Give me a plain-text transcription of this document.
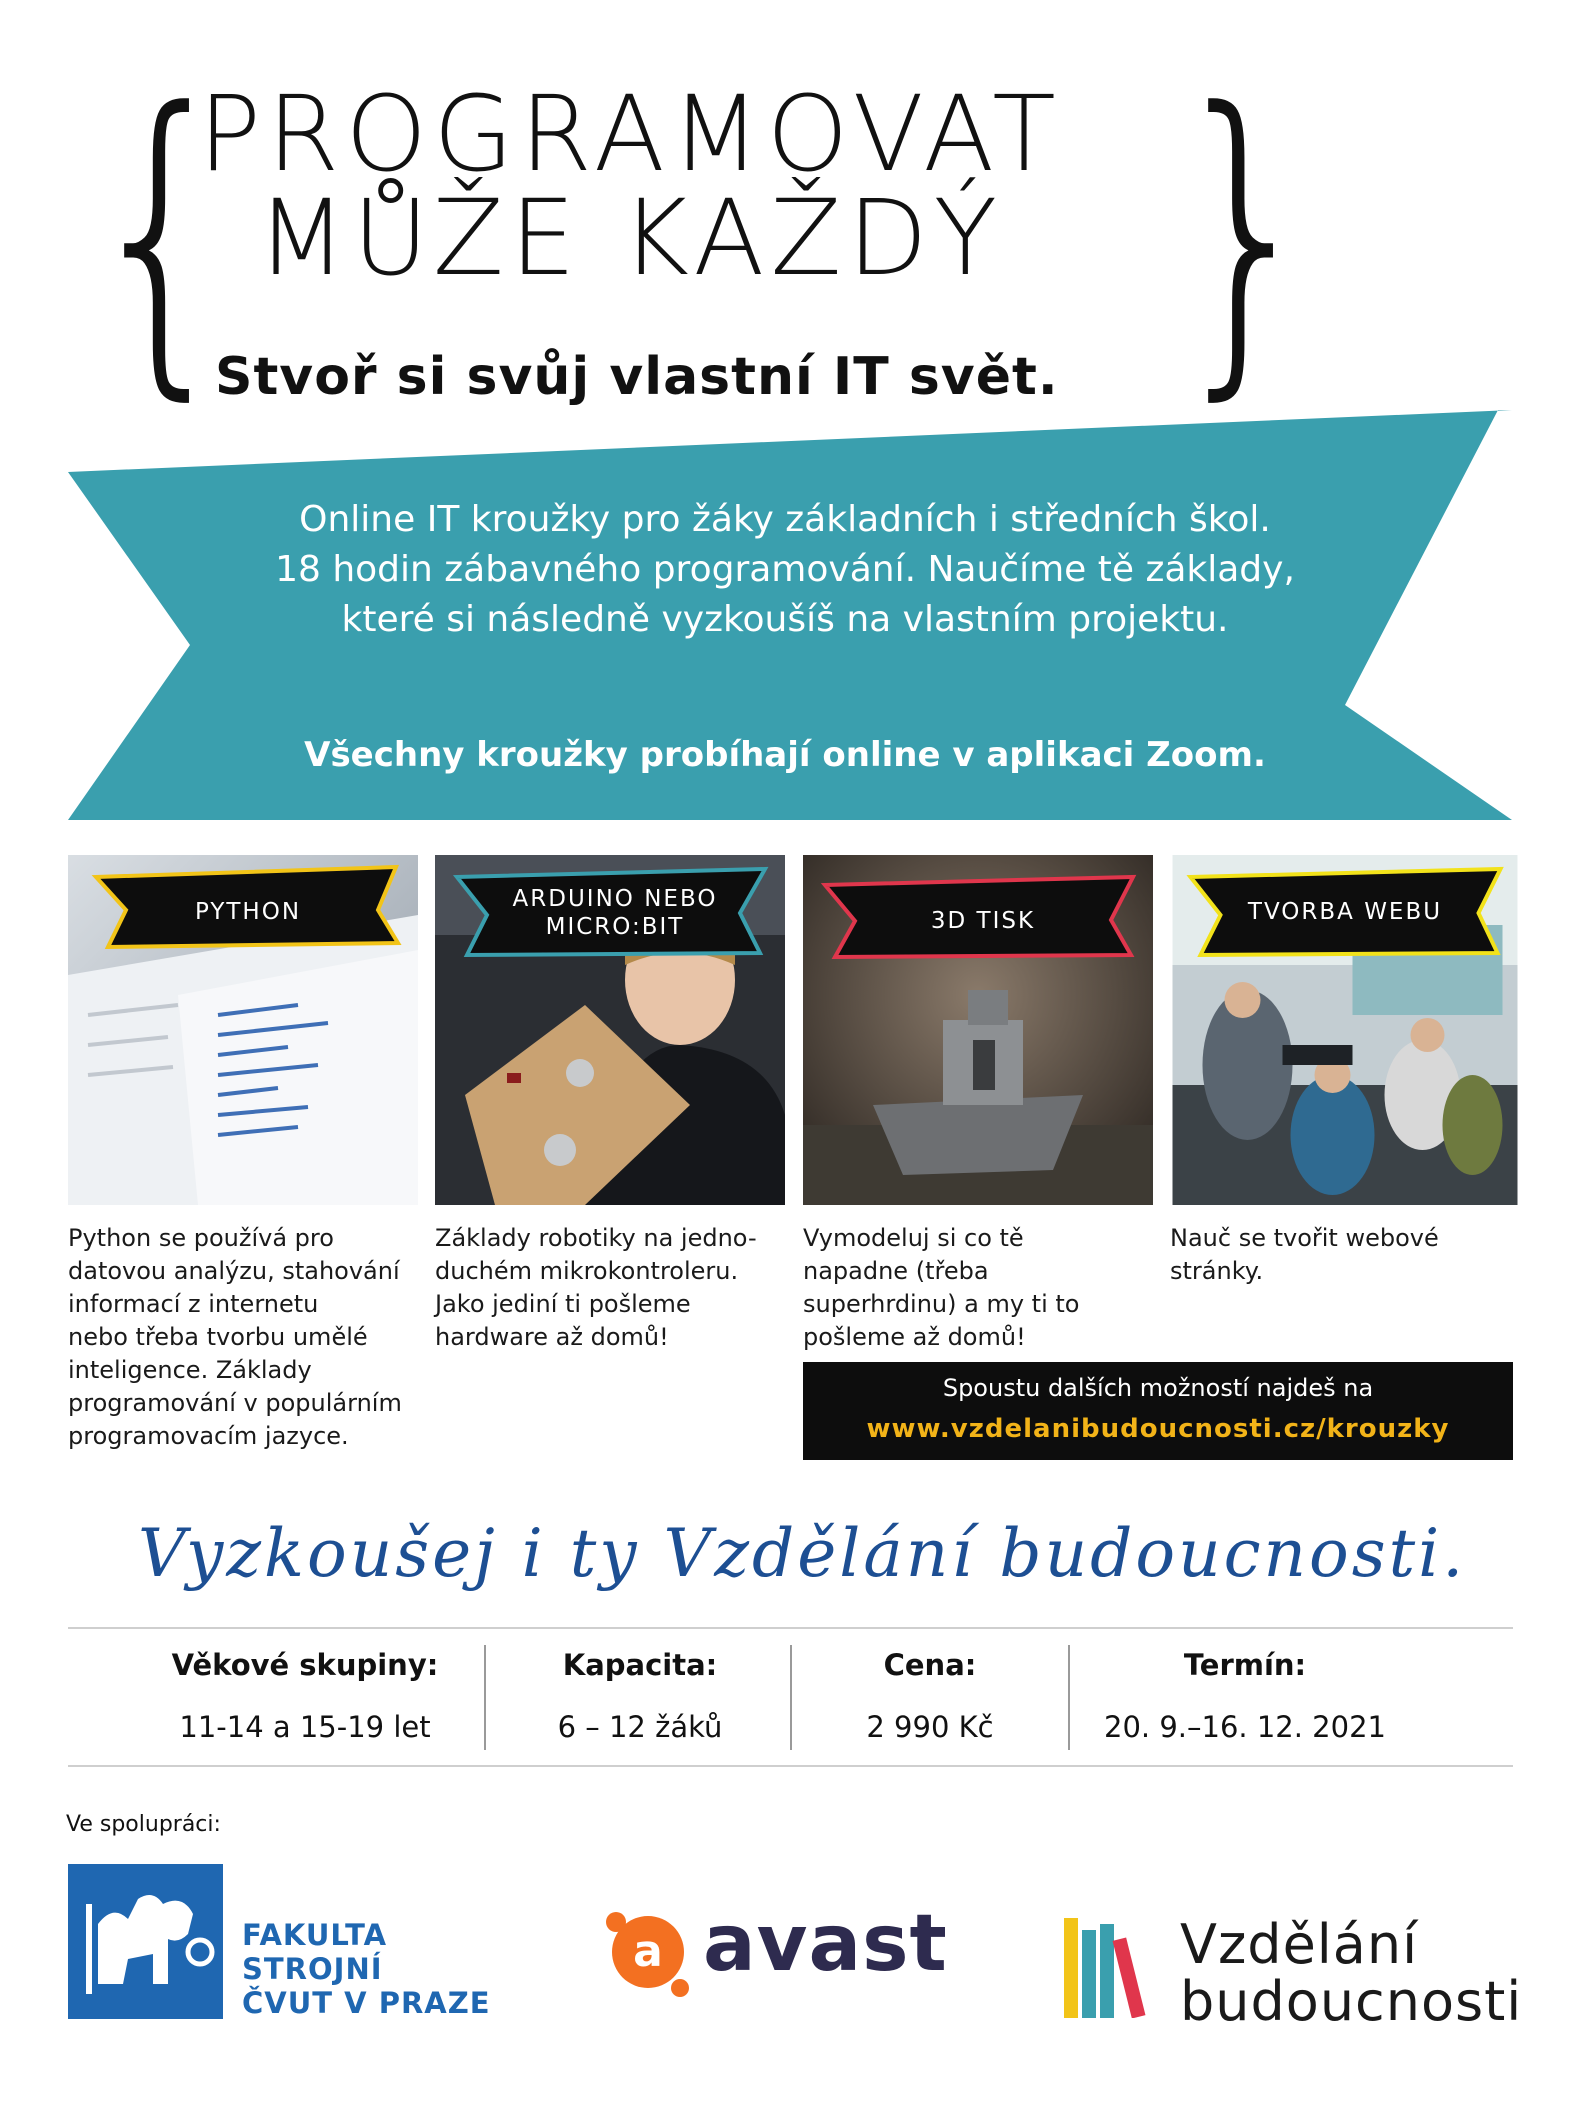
{	}
PROGRAMOVAT
MŮŽE KAŽDÝ
Stvoř si svůj vlastní IT svět.
Online IT kroužky pro žáky základních i středních škol.
18 hodin zábavného programování. Naučíme tě základy,
které si následně vyzkoušíš na vlastním projektu.
Všechny kroužky probíhají online v aplikaci Zoom.
PYTHON
Python se používá pro
datovou analýzu, stahování
informací z internetu
nebo třeba tvorbu umělé
inteligence. Základy
programování v populárním
programovacím jazyce.
ARDUINO NEBO
MICRO:BIT
Základy robotiky na jedno-
duchém mikrokontroleru.
Jako jediní ti pošleme
hardware až domů!
3D TISK
Vymodeluj si co tě
napadne (třeba
superhrdinu) a my ti to
pošleme až domů!
TVORBA WEBU
Nauč se tvořit webové
stránky.
Spoustu dalších možností najdeš na
www.vzdelanibudoucnosti.cz/krouzky
Vyzkoušej i ty Vzdělání budoucnosti.
Věkové skupiny:
11-14 a 15-19 let
Kapacita:
6 – 12 žáků
Cena:
2 990 Kč
Termín:
20. 9.–16. 12. 2021
Ve spolupráci:
FAKULTA
STROJNÍ
ČVUT V PRAZE
a avast	Vzdělání
budoucnosti
